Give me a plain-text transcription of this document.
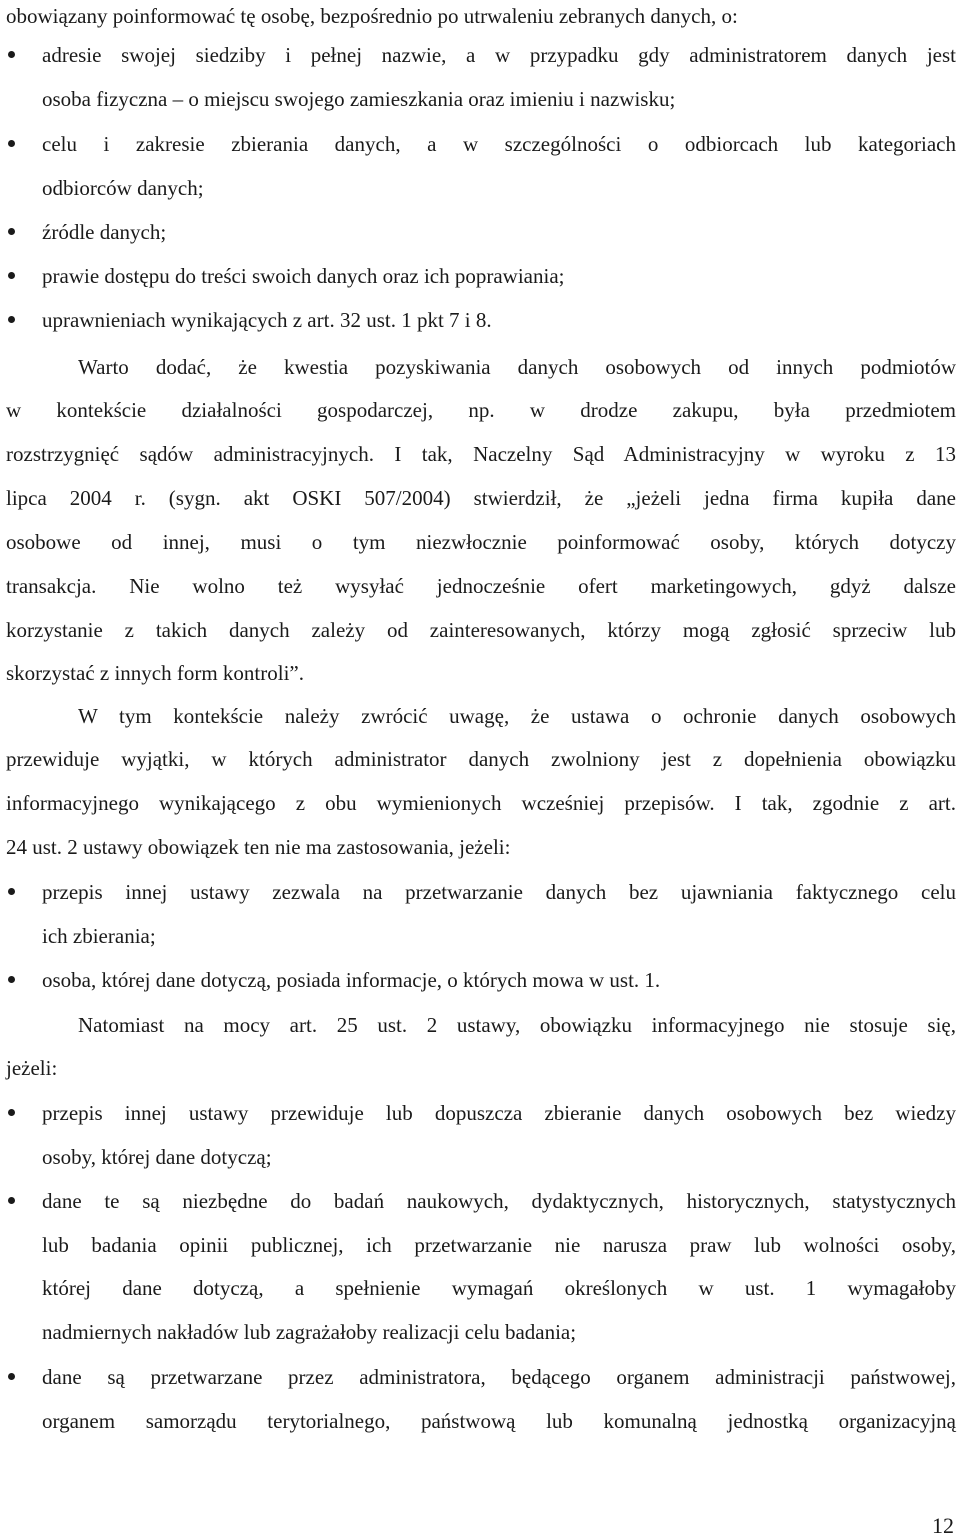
obowiązany poinformować tę osobę, bezpośrednio po utrwaleniu zebranych danych, o:
adresie swojej siedziby i pełnej nazwie, a w przypadku gdy administratorem danych jest
osoba fizyczna – o miejscu swojego zamieszkania oraz imieniu i nazwisku;
celu i zakresie zbierania danych, a w szczególności o odbiorcach lub kategoriach
odbiorców danych;
źródle danych;
prawie dostępu do treści swoich danych oraz ich poprawiania;
uprawnieniach wynikających z art. 32 ust. 1 pkt 7 i 8.
Warto dodać, że kwestia pozyskiwania danych osobowych od innych podmiotów
w kontekście działalności gospodarczej, np. w drodze zakupu, była przedmiotem
rozstrzygnięć sądów administracyjnych. I tak, Naczelny Sąd Administracyjny w wyroku z 13
lipca 2004 r. (sygn. akt OSKI 507/2004) stwierdził, że „jeżeli jedna firma kupiła dane
osobowe od innej, musi o tym niezwłocznie poinformować osoby, których dotyczy
transakcja. Nie wolno też wysyłać jednocześnie ofert marketingowych, gdyż dalsze
korzystanie z takich danych zależy od zainteresowanych, którzy mogą zgłosić sprzeciw lub
skorzystać z innych form kontroli”.
W tym kontekście należy zwrócić uwagę, że ustawa o ochronie danych osobowych
przewiduje wyjątki, w których administrator danych zwolniony jest z dopełnienia obowiązku
informacyjnego wynikającego z obu wymienionych wcześniej przepisów. I tak, zgodnie z art.
24 ust. 2 ustawy obowiązek ten nie ma zastosowania, jeżeli:
przepis innej ustawy zezwala na przetwarzanie danych bez ujawniania faktycznego celu
ich zbierania;
osoba, której dane dotyczą, posiada informacje, o których mowa w ust. 1.
Natomiast na mocy art. 25 ust. 2 ustawy, obowiązku informacyjnego nie stosuje się,
jeżeli:
przepis innej ustawy przewiduje lub dopuszcza zbieranie danych osobowych bez wiedzy
osoby, której dane dotyczą;
dane te są niezbędne do badań naukowych, dydaktycznych, historycznych, statystycznych
lub badania opinii publicznej, ich przetwarzanie nie narusza praw lub wolności osoby,
której dane dotyczą, a spełnienie wymagań określonych w ust. 1 wymagałoby
nadmiernych nakładów lub zagrażałoby realizacji celu badania;
dane są przetwarzane przez administratora, będącego organem administracji państwowej,
organem samorządu terytorialnego, państwową lub komunalną jednostką organizacyjną
12
